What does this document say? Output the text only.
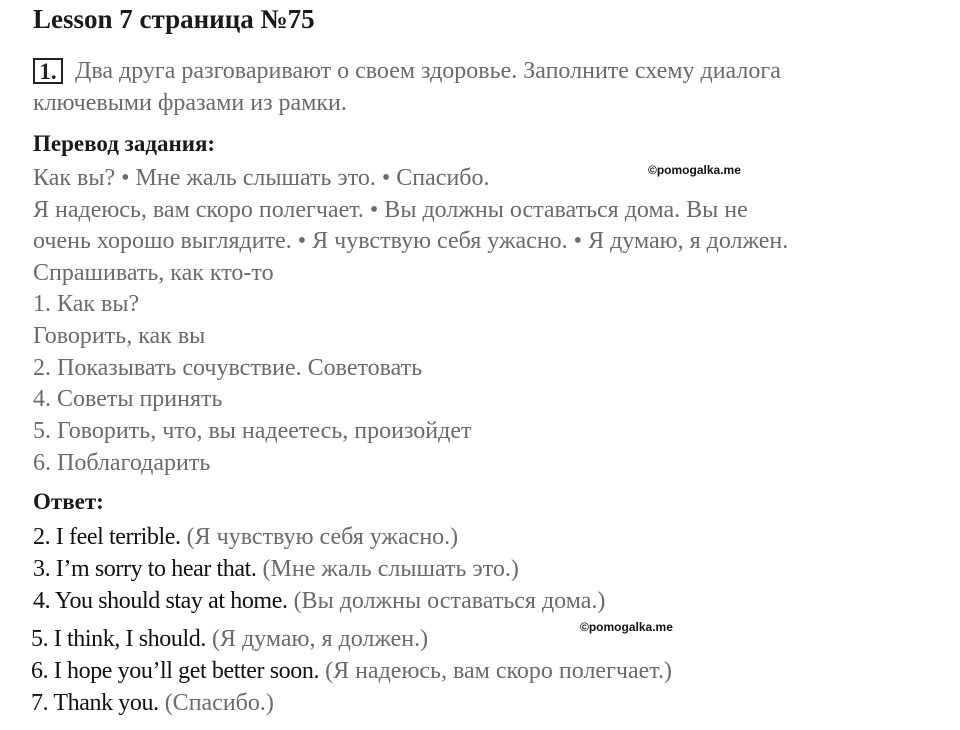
Lesson 7 страница №75
1. Два друга разговаривают о своем здоровье. Заполните схему диалога
ключевыми фразами из рамки.
Перевод задания:
Как вы? • Мне жаль слышать это. • Спасибо.
Я надеюсь, вам скоро полегчает. • Вы должны оставаться дома. Вы не
очень хорошо выглядите. • Я чувствую себя ужасно. • Я думаю, я должен.
Спрашивать, как кто-то
1. Как вы?
Говорить, как вы
2. Показывать сочувствие. Советовать
4. Советы принять
5. Говорить, что, вы надеетесь, произойдет
6. Поблагодарить
Ответ:
2. I feel terrible. (Я чувствую себя ужасно.)
3. I’m sorry to hear that. (Мне жаль слышать это.)
4. You should stay at home. (Вы должны оставаться дома.)
5. I think, I should. (Я думаю, я должен.)
6. I hope you’ll get better soon. (Я надеюсь, вам скоро полегчает.)
7. Thank you. (Спасибо.)
©pomogalka.me
©pomogalka.me
